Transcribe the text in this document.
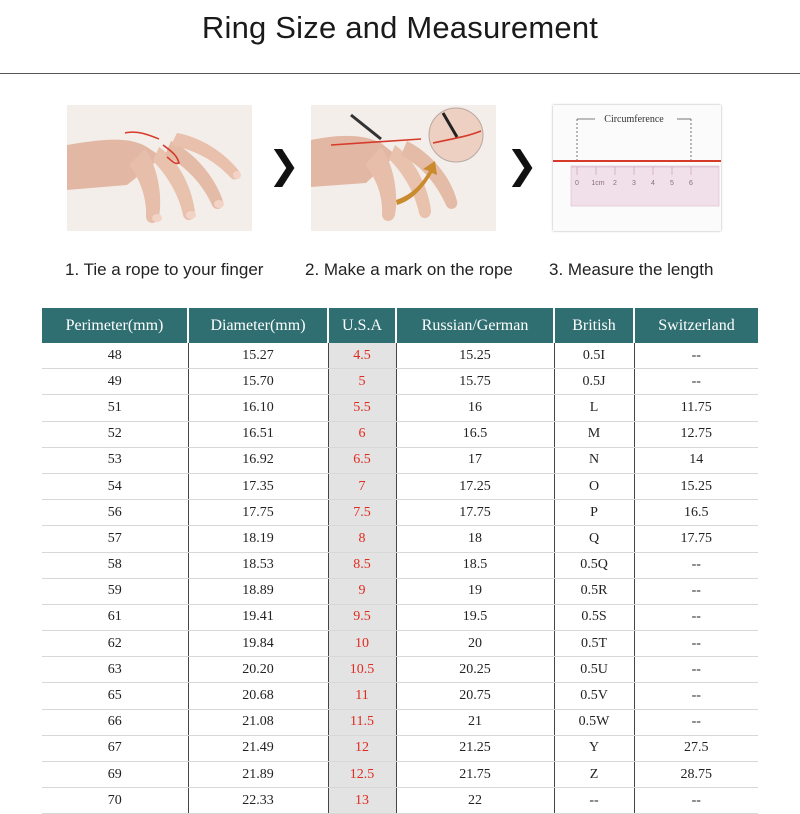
Ring Size and Measurement
❯	❯
Circumference
0 1cm 2 3 4 5 6
1. Tie a rope to your finger 2. Make a mark on the rope 3. Measure the length
Perimeter(mm)	Diameter(mm)	U.S.A	Russian/German	British	Switzerland
48	15.27	4.5	15.25	0.5I	--
49	15.70	5	15.75	0.5J	--
51	16.10	5.5	16	L	11.75
52	16.51	6	16.5	M	12.75
53	16.92	6.5	17	N	14
54	17.35	7	17.25	O	15.25
56	17.75	7.5	17.75	P	16.5
57	18.19	8	18	Q	17.75
58	18.53	8.5	18.5	0.5Q	--
59	18.89	9	19	0.5R	--
61	19.41	9.5	19.5	0.5S	--
62	19.84	10	20	0.5T	--
63	20.20	10.5	20.25	0.5U	--
65	20.68	11	20.75	0.5V	--
66	21.08	11.5	21	0.5W	--
67	21.49	12	21.25	Y	27.5
69	21.89	12.5	21.75	Z	28.75
70	22.33	13	22	--	--
